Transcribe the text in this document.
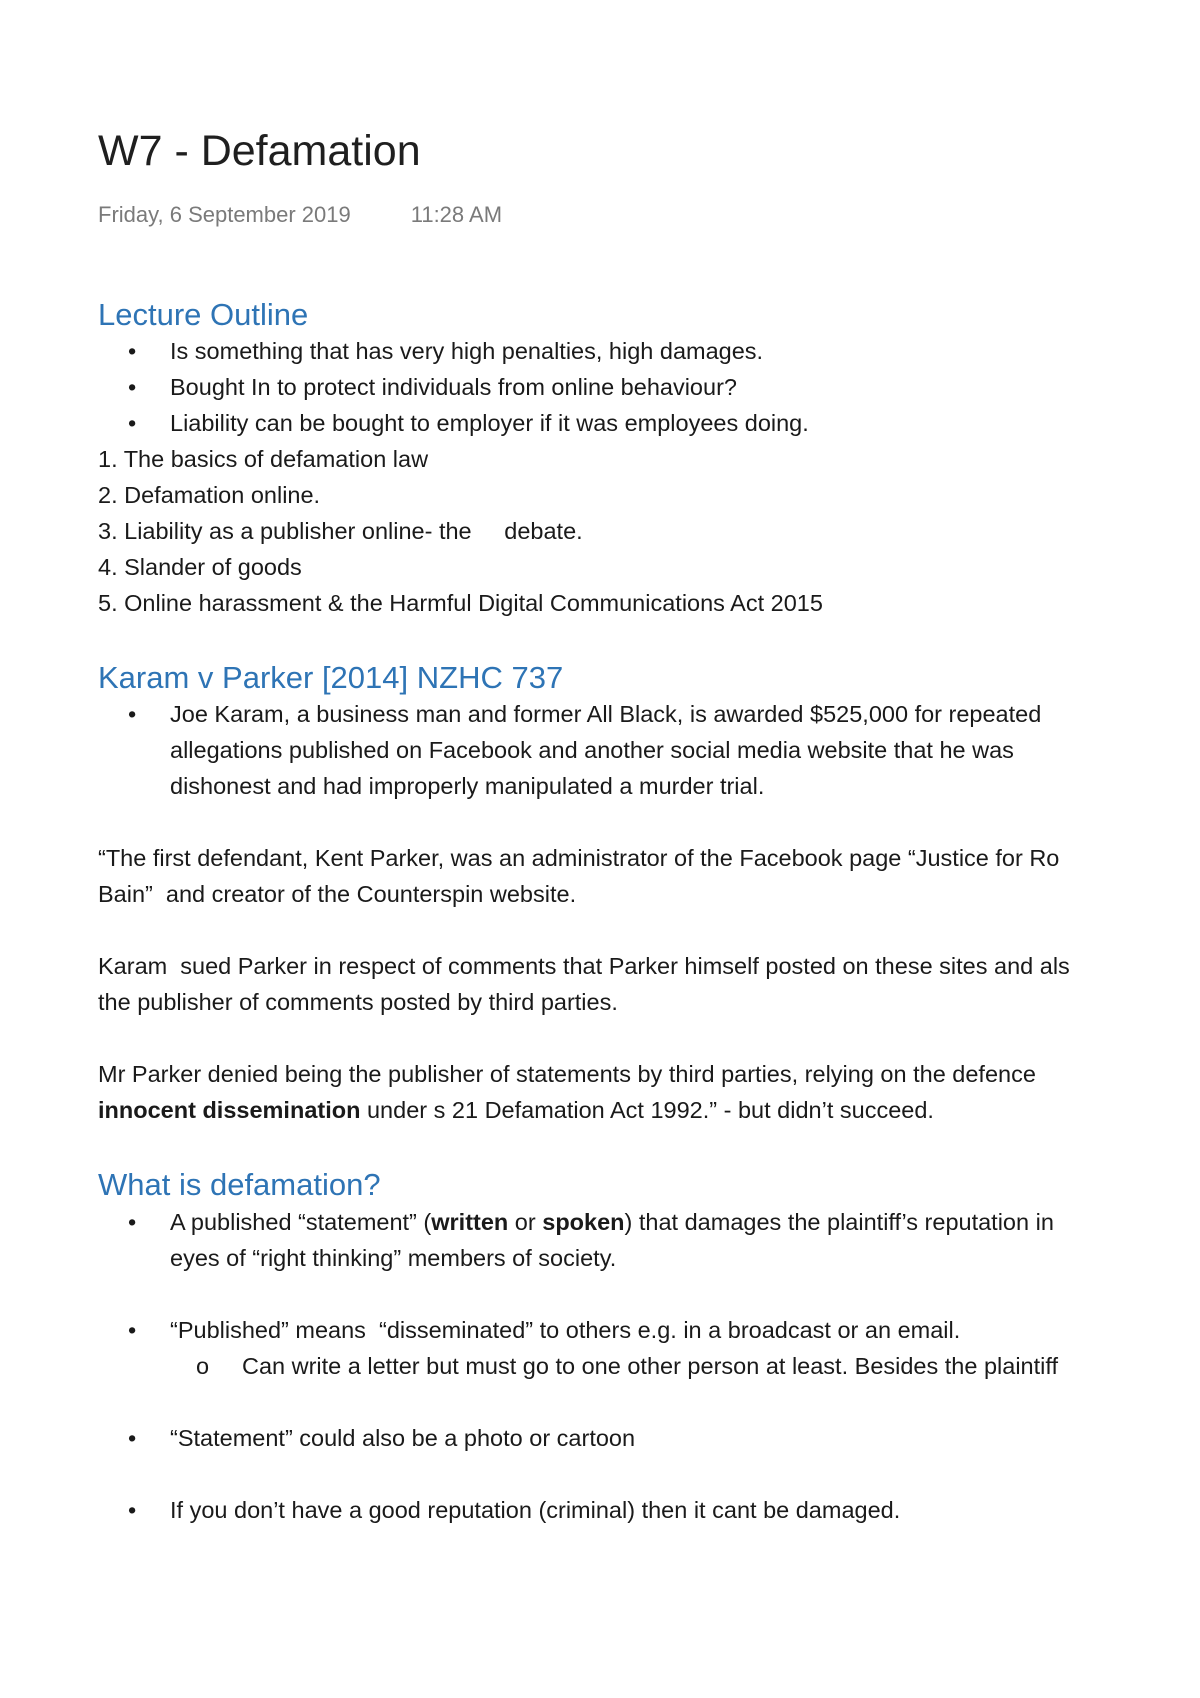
W7 - Defamation
Friday, 6 September 2019	11:28 AM
Lecture Outline
• Is something that has very high penalties, high damages.
• Bought In to protect individuals from online behaviour?
• Liability can be bought to employer if it was employees doing.
1. The basics of defamation law
2. Defamation online.
3. Liability as a publisher online- the     debate.
4. Slander of goods
5. Online harassment & the Harmful Digital Communications Act 2015
Karam v Parker [2014] NZHC 737
• Joe Karam, a business man and former All Black, is awarded $525,000 for repeated
allegations published on Facebook and another social media website that he was
dishonest and had improperly manipulated a murder trial.
“The first defendant, Kent Parker, was an administrator of the Facebook page “Justice for Ro
Bain”  and creator of the Counterspin website.
Karam  sued Parker in respect of comments that Parker himself posted on these sites and als
the publisher of comments posted by third parties.
Mr Parker denied being the publisher of statements by third parties, relying on the defence
innocent dissemination under s 21 Defamation Act 1992.” - but didn’t succeed.
What is defamation?
• A published “statement” (written or spoken) that damages the plaintiff’s reputation in
eyes of “right thinking” members of society.
• “Published” means  “disseminated” to others e.g. in a broadcast or an email.
o Can write a letter but must go to one other person at least. Besides the plaintiff
• “Statement” could also be a photo or cartoon
• If you don’t have a good reputation (criminal) then it cant be damaged.
